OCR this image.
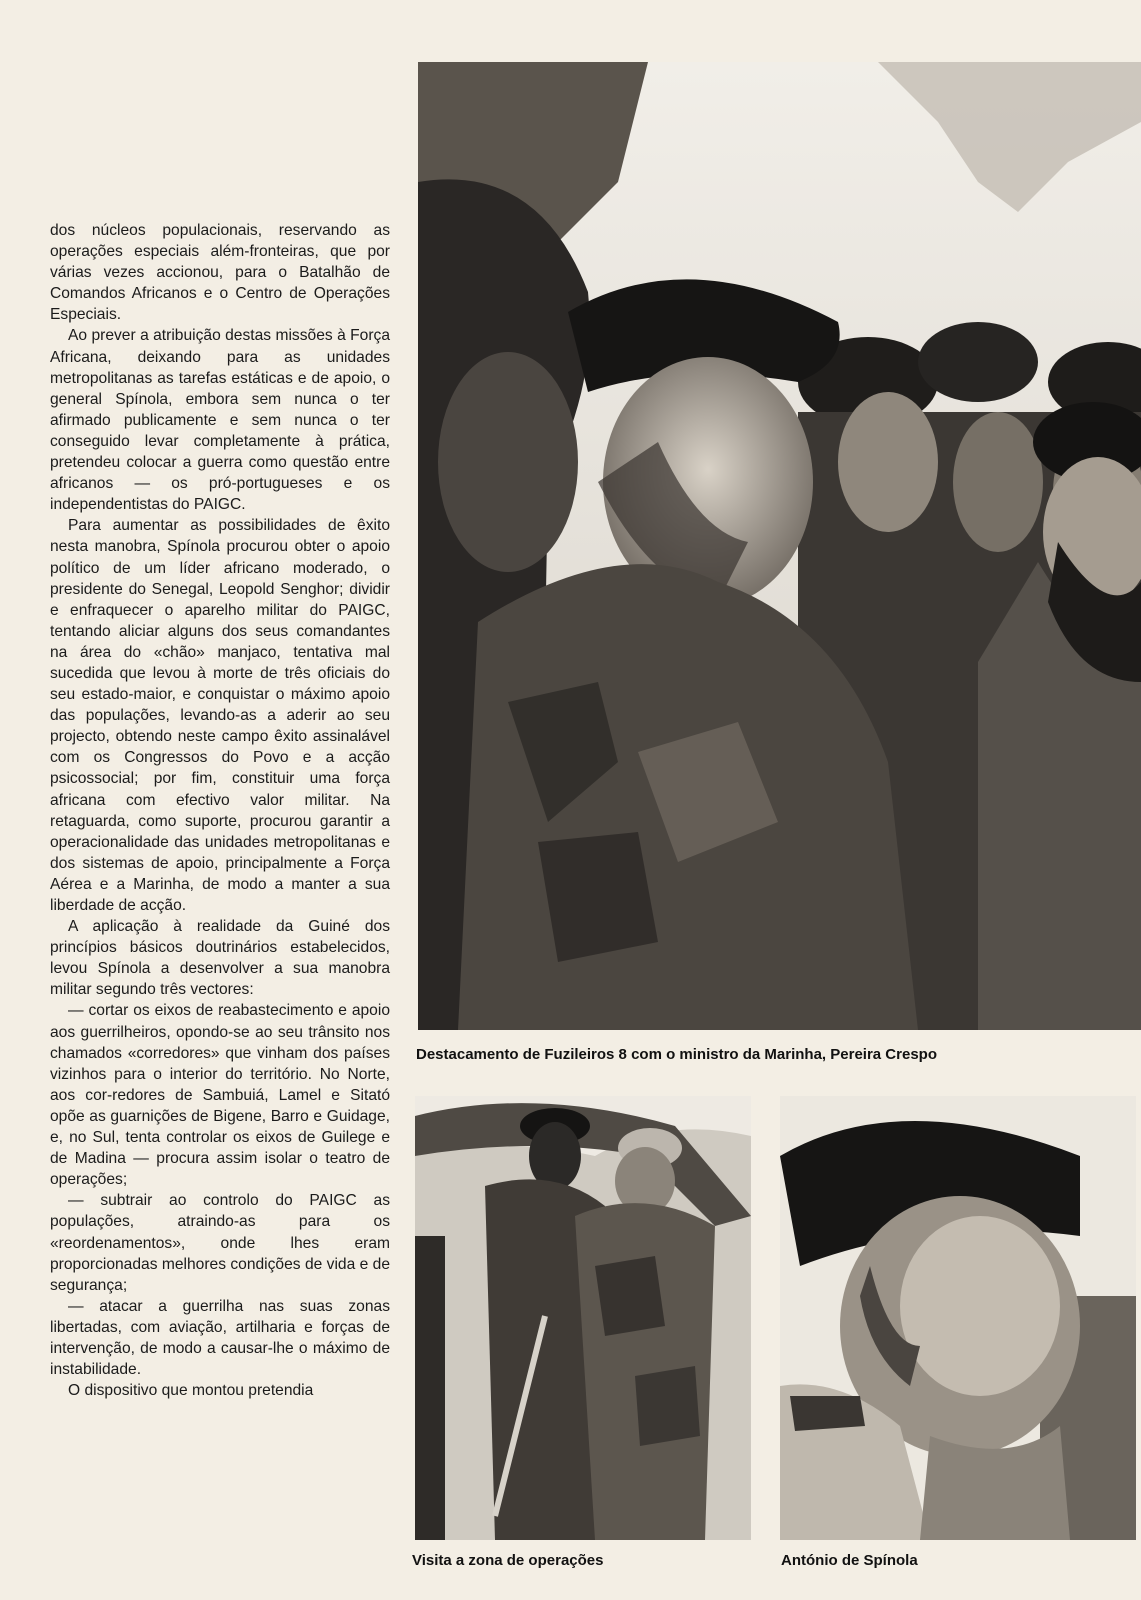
dos núcleos populacionais, reservando as operações especiais além-fronteiras, que por várias vezes accionou, para o Batalhão de Comandos Africanos e o Centro de Operações Especiais.

Ao prever a atribuição destas missões à Força Africana, deixando para as unidades metropolitanas as tarefas estáticas e de apoio, o general Spínola, embora sem nunca o ter afirmado publicamente e sem nunca o ter conseguido levar completamente à prática, pretendeu colocar a guerra como questão entre africanos — os pró-portugueses e os independentistas do PAIGC.

Para aumentar as possibilidades de êxito nesta manobra, Spínola procurou obter o apoio político de um líder africano moderado, o presidente do Senegal, Leopold Senghor; dividir e enfraquecer o aparelho militar do PAIGC, tentando aliciar alguns dos seus comandantes na área do «chão» manjaco, tentativa mal sucedida que levou à morte de três oficiais do seu estado-maior, e conquistar o máximo apoio das populações, levando-as a aderir ao seu projecto, obtendo neste campo êxito assinalável com os Congressos do Povo e a acção psicossocial; por fim, constituir uma força africana com efectivo valor militar. Na retaguarda, como suporte, procurou garantir a operacionalidade das unidades metropolitanas e dos sistemas de apoio, principalmente a Força Aérea e a Marinha, de modo a manter a sua liberdade de acção.

A aplicação à realidade da Guiné dos princípios básicos doutrinários estabelecidos, levou Spínola a desenvolver a sua manobra militar segundo três vectores:

— cortar os eixos de reabastecimento e apoio aos guerrilheiros, opondo-se ao seu trânsito nos chamados «corredores» que vinham dos países vizinhos para o interior do território. No Norte, aos cor-redores de Sambuiá, Lamel e Sitató opõe as guarnições de Bigene, Barro e Guidage, e, no Sul, tenta controlar os eixos de Guilege e de Madina — procura assim isolar o teatro de operações;

— subtrair ao controlo do PAIGC as populações, atraindo-as para os «reordenamentos», onde lhes eram proporcionadas melhores condições de vida e de segurança;

— atacar a guerrilha nas suas zonas libertadas, com aviação, artilharia e forças de intervenção, de modo a causar-lhe o máximo de instabilidade.

O dispositivo que montou pretendia

Destacamento de Fuzileiros 8 com o ministro da Marinha, Pereira Crespo
Visita a zona de operações	António de Spínola
